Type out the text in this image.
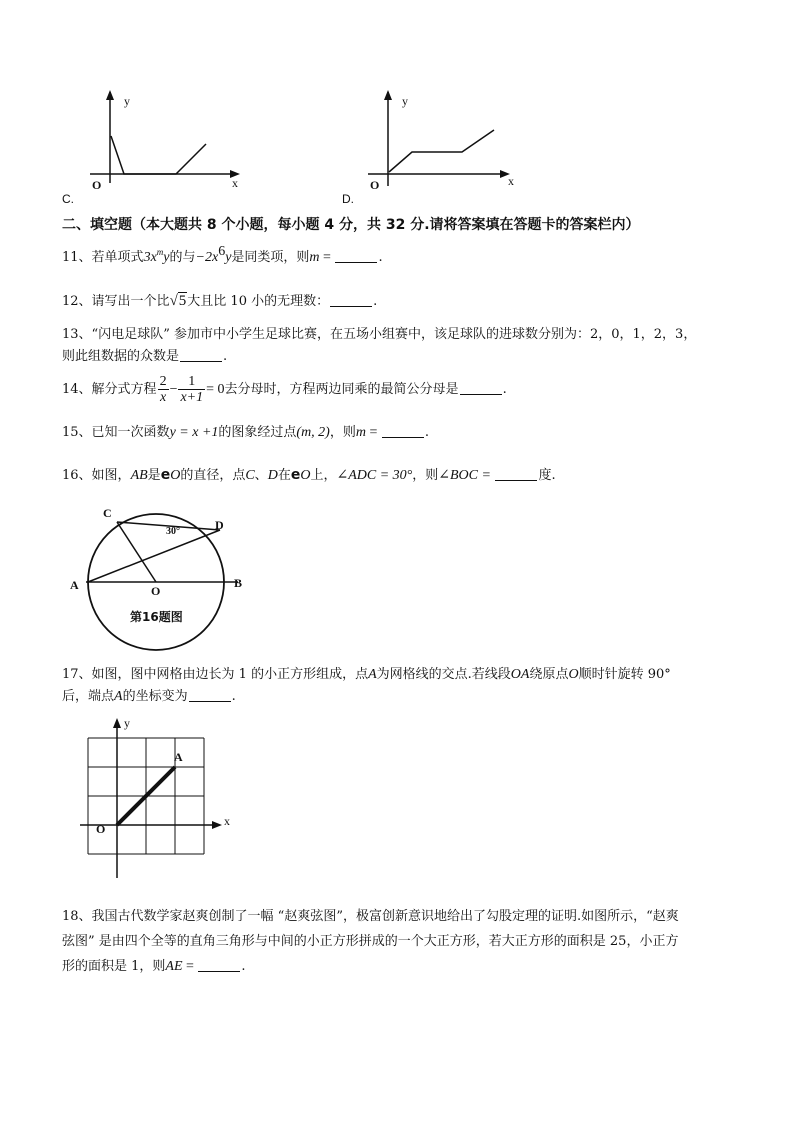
y
x
O
C.
y
x
O
D.
二、填空题（本大题共 8 个小题，每小题 4 分，共 32 分.请将答案填在答题卡的答案栏内）
11、若单项式$3x^my$的与$-2x^6y$是同类项，则m =	.
12、请写出一个比√5大且比 10 小的无理数：	.
13、“闪电足球队” 参加市中小学生足球比赛，在五场小组赛中，该足球队的进球数分别为：2，0，1，2，3，
则此组数据的众数是	.
14、解分式方程 $\frac{2}{x} - \frac{1}{x+1} = 0$去分母时，方程两边同乘的最简公分母是	.
15、已知一次函数y = x +1的图象经过点(m, 2)，则m =	.
16、如图，AB是eO的直径，点C、D在eO上，∠ADC = 30°，则∠BOC =	度.
C
D
30°
A	B
O
第16题图
17、如图，图中网格由边长为 1 的小正方形组成，点A为网格线的交点.若线段OA绕原点O顺时针旋转 90°
后，端点A的坐标变为	.
y
x
O
A
18、我国古代数学家赵爽创制了一幅 “赵爽弦图”，极富创新意识地给出了勾股定理的证明.如图所示，“赵爽
弦图” 是由四个全等的直角三角形与中间的小正方形拼成的一个大正方形，若大正方形的面积是 25，小正方
形的面积是 1，则AE =	.
